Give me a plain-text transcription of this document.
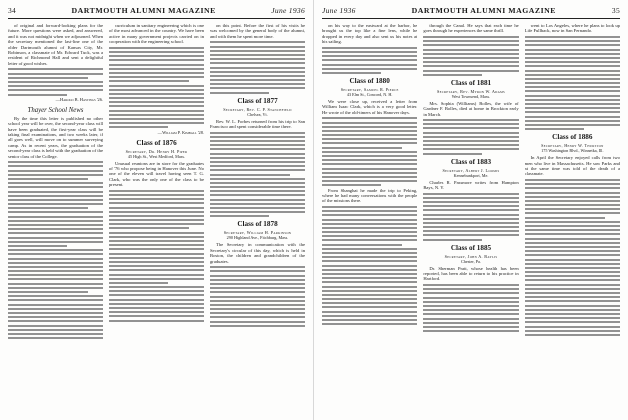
34	DARTMOUTH ALUMNI MAGAZINE	June 1936

of original and forward-looking plans for the future. More questions were asked, and answered, and it was not midnight when we adjourned. When the secretary mentioned the last-line one of the older Dartmouth alumni of Kansas City, Mr. Robinson, a classmate of Mr. Edward Tuck, was a resident of Richmond Hall and sent a delightful letter of good wishes.

—Harold B. Hastings '26.
Thayer School News

By the time this letter is published no other school year will be over, the second-year class will have been graduated, the first-year class will be taking final examinations, and two weeks later, if all goes well, will move on to summer surveying camp. As in recent years, the graduation of the second-year class is held with the graduation of the senior class of the College.

curriculum in sanitary engineering which is one of the most advanced in the country. We have been active in many government projects carried on in cooperation with the engineering school.

—William P. Kimball '28.
Class of 1876
Secretary, Dr. Henry H. Piper
45 High St., West Medford, Mass.

Unusual reunions are in store for the graduates of '76 who propose being in Hanover this June. No one of the eleven will travel having seen T. G. Clark, who was the only one of the class to be present.

on this point. Before the first of his visits he was welcomed by the general body of the alumni, and with them he spent more time.

Class of 1877
Secretary, Rev. C. P. Stanchfield
Chelsea, Vt.

Rev. W. L. Forbes returned from his trip to San Francisco and spent considerable time there.

Class of 1878
Secretary, William H. Parkinson
290 Highland Ave., Fitchburg, Mass.

The Secretary in communication with the Secretary's circular of this day, which is held in Boston, the children and grandchildren of the graduates.

June 1936	DARTMOUTH ALUMNI MAGAZINE	35

on his way to the eastward at the harbor, he brought us the top like a fine lens, while he dropped in every day and also sent us his notes at his sailing.

Class of 1880
Secretary, Samuel R. Pierce
43 Elm St., Concord, N. H.

We were close up, received a letter from William Isaac Clark, which is a very good letter. He wrote of the old-timers of his Hanover days.

From Shanghai he made the trip to Peking, where he had many conversations with the people of the missions there.

through the Canal. He says that each time he goes through he experiences the same thrill.

Class of 1881
Secretary, Rev. Myron W. Adams
West Townsend, Mass.

Mrs. Sophia (Williams) Bolles, the wife of Gardner F. Bolles, died at home in Brockton early in March.

Class of 1883
Secretary, Albert J. Loomis
Kennebunkport, Me.

Charles R. Passmore writes from Hampton Bays, N. Y.

Class of 1885
Secretary, John A. Baylis
Chester, Pa.

Dr. Sherman Pratt, whose health has been reported, has been able to return to his practice in Hartford.

went to Los Angeles, where he plans to look up Life Fullback, now in San Fernando.

Class of 1886
Secretary, Henry W. Thurston
175 Washington Blvd., Winnetka, Ill.

In April the Secretary enjoyed calls from two men who live in Massachusetts. He saw Parks and at the same time was told of the death of a classmate.
